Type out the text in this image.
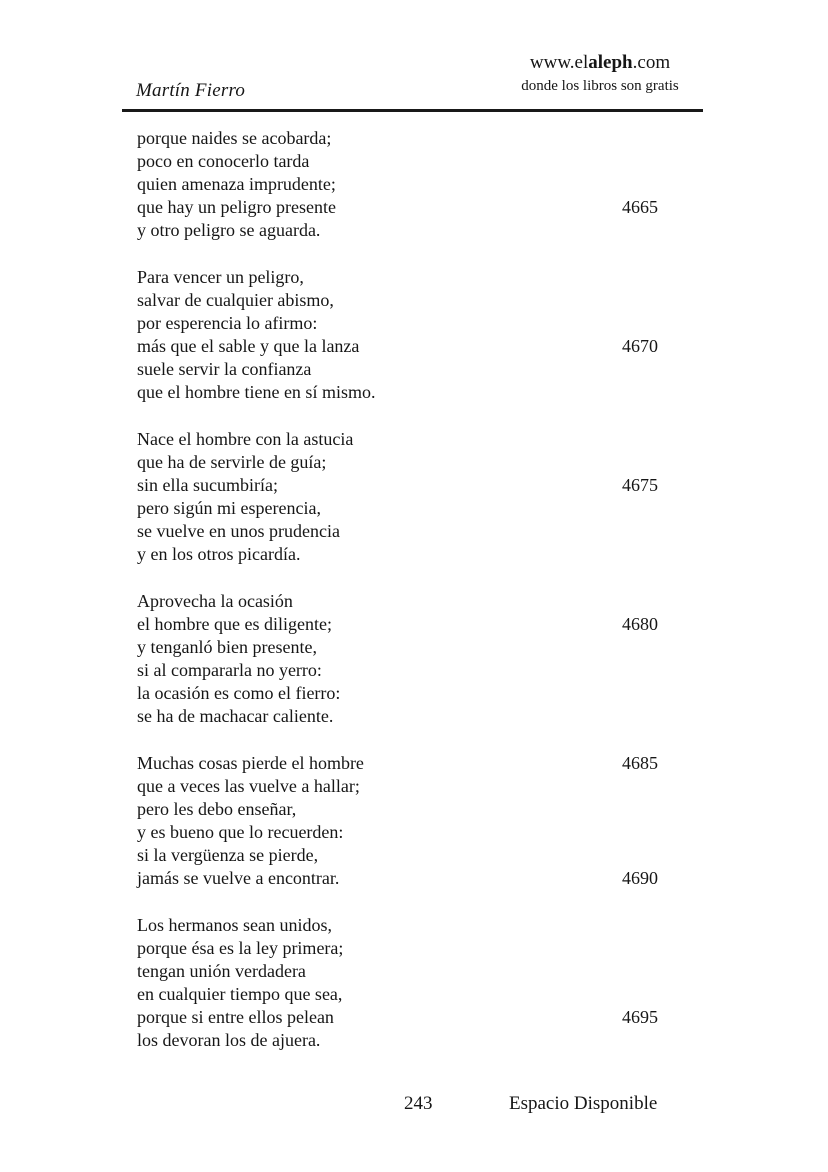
Martín Fierro
www.elaleph.com
donde los libros son gratis
porque naides se acobarda;
poco en conocerlo tarda
quien amenaza imprudente;
que hay un peligro presente	4665
y otro peligro se aguarda.
Para vencer un peligro,
salvar de cualquier abismo,
por esperencia lo afirmo:
más que el sable y que la lanza	4670
suele servir la confianza
que el hombre tiene en sí mismo.
Nace el hombre con la astucia
que ha de servirle de guía;
sin ella sucumbiría;	4675
pero sigún mi esperencia,
se vuelve en unos prudencia
y en los otros picardía.
Aprovecha la ocasión
el hombre que es diligente;	4680
y tenganló bien presente,
si al compararla no yerro:
la ocasión es como el fierro:
se ha de machacar caliente.
Muchas cosas pierde el hombre	4685
que a veces las vuelve a hallar;
pero les debo enseñar,
y es bueno que lo recuerden:
si la vergüenza se pierde,
jamás se vuelve a encontrar.	4690
Los hermanos sean unidos,
porque ésa es la ley primera;
tengan unión verdadera
en cualquier tiempo que sea,
porque si entre ellos pelean	4695
los devoran los de ajuera.
243	Espacio Disponible
